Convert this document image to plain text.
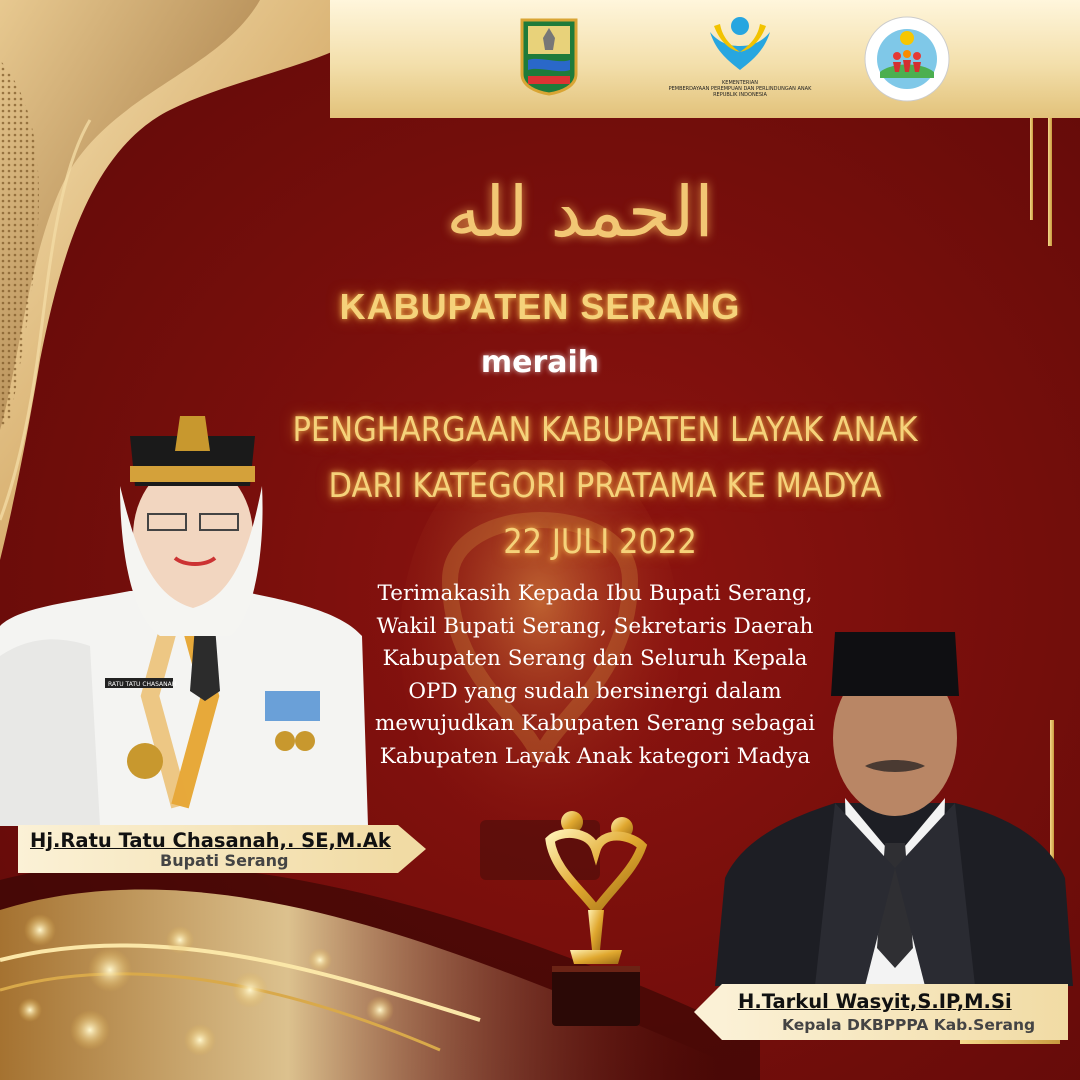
KEMENTERIAN
PEMBERDAYAAN PEREMPUAN DAN PERLINDUNGAN ANAK
REPUBLIK INDONESIA
الحمد لله
KABUPATEN SERANG
meraih
PENGHARGAAN KABUPATEN LAYAK ANAK
DARI KATEGORI PRATAMA KE MADYA
22 JULI 2022
Terimakasih Kepada Ibu Bupati Serang,
Wakil Bupati Serang, Sekretaris Daerah
Kabupaten Serang dan Seluruh Kepala
OPD yang sudah bersinergi dalam
mewujudkan Kabupaten Serang sebagai
Kabupaten Layak Anak kategori Madya
RATU TATU CHASANAH
Hj.Ratu Tatu Chasanah,. SE,M.Ak
Bupati Serang
H.Tarkul Wasyit,S.IP,M.Si
Kepala DKBPPPA Kab.Serang
